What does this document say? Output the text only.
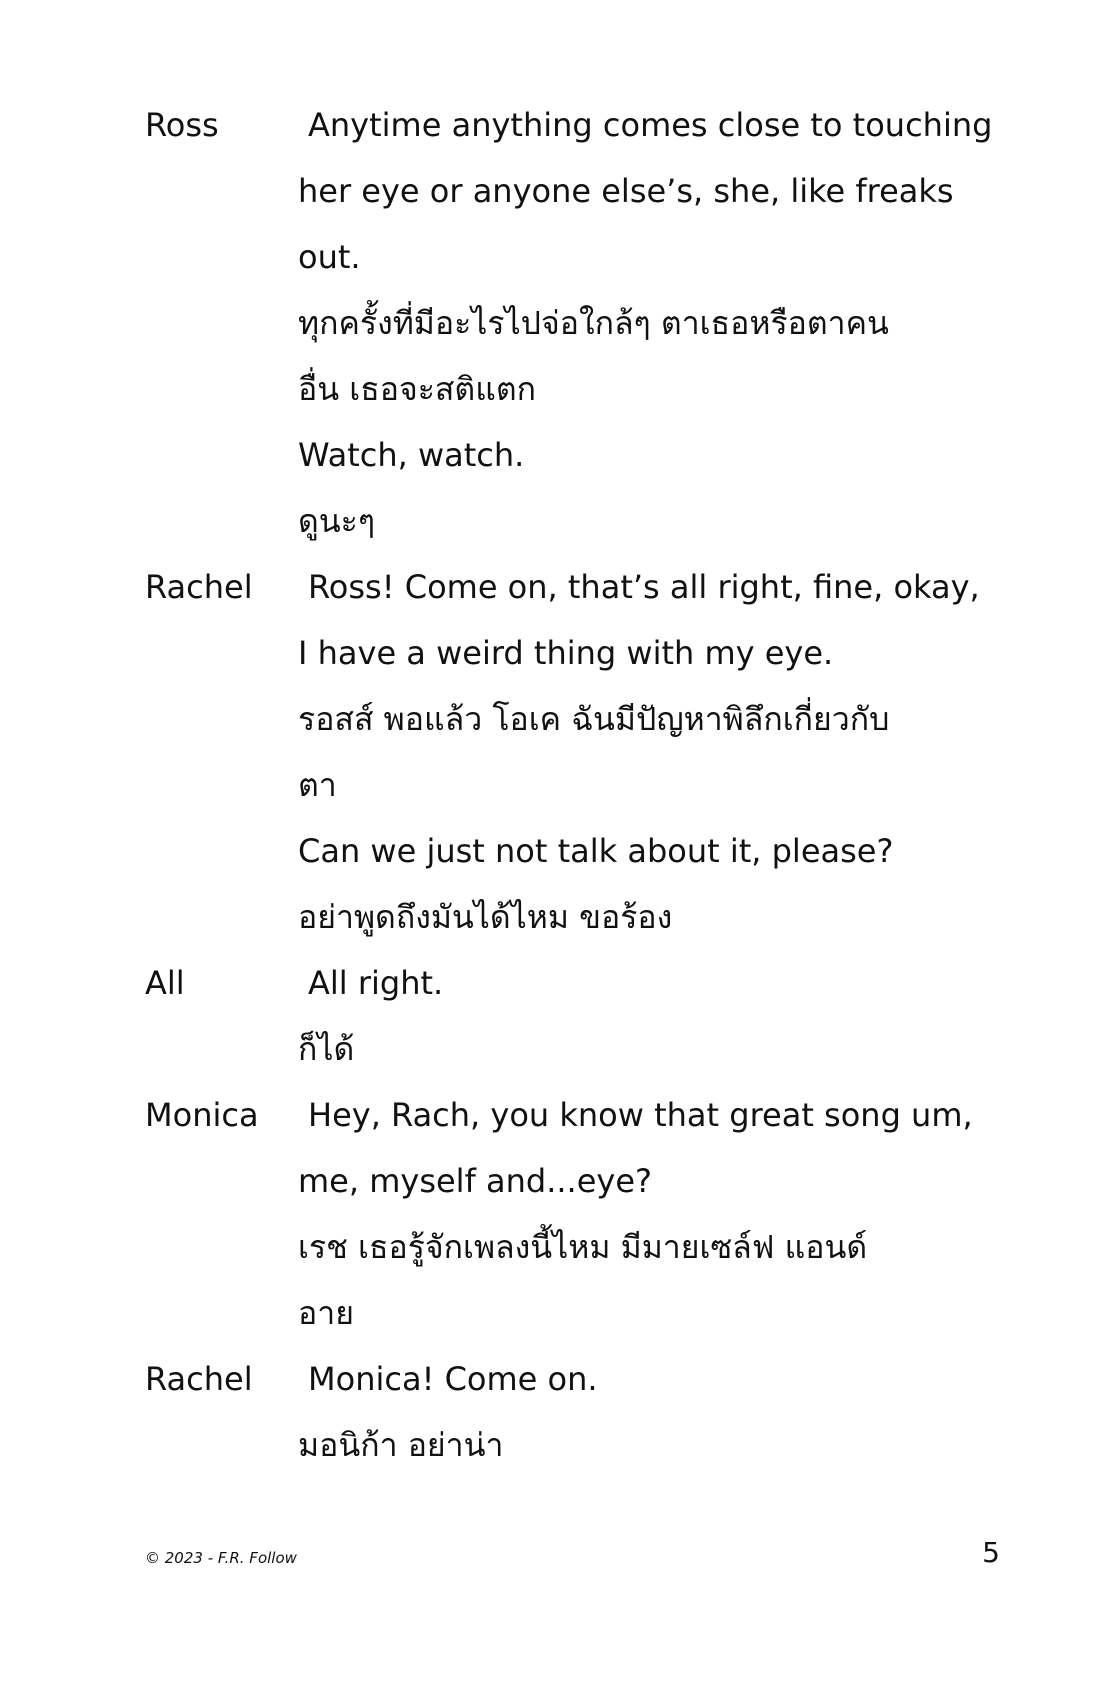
Ross	Anytime anything comes close to touching
her eye or anyone else’s, she, like freaks
out.
ทุกครั้งที่มีอะไรไปจ่อใกล้ๆ ตาเธอหรือตาคน
อื่น เธอจะสติแตก
Watch, watch.
ดูนะๆ
Rachel	Ross! Come on, that’s all right, fine, okay,
I have a weird thing with my eye.
รอสส์ พอแล้ว โอเค ฉันมีปัญหาพิลึกเกี่ยวกับ
ตา
Can we just not talk about it, please?
อย่าพูดถึงมันได้ไหม ขอร้อง
All	All right.
ก็ได้
Monica	Hey, Rach, you know that great song um,
me, myself and...eye?
เรช เธอรู้จักเพลงนี้ไหม มีมายเซล์ฟ แอนด์
อาย
Rachel	Monica! Come on.
มอนิก้า อย่าน่า
© 2023 - F.R. Follow	5
